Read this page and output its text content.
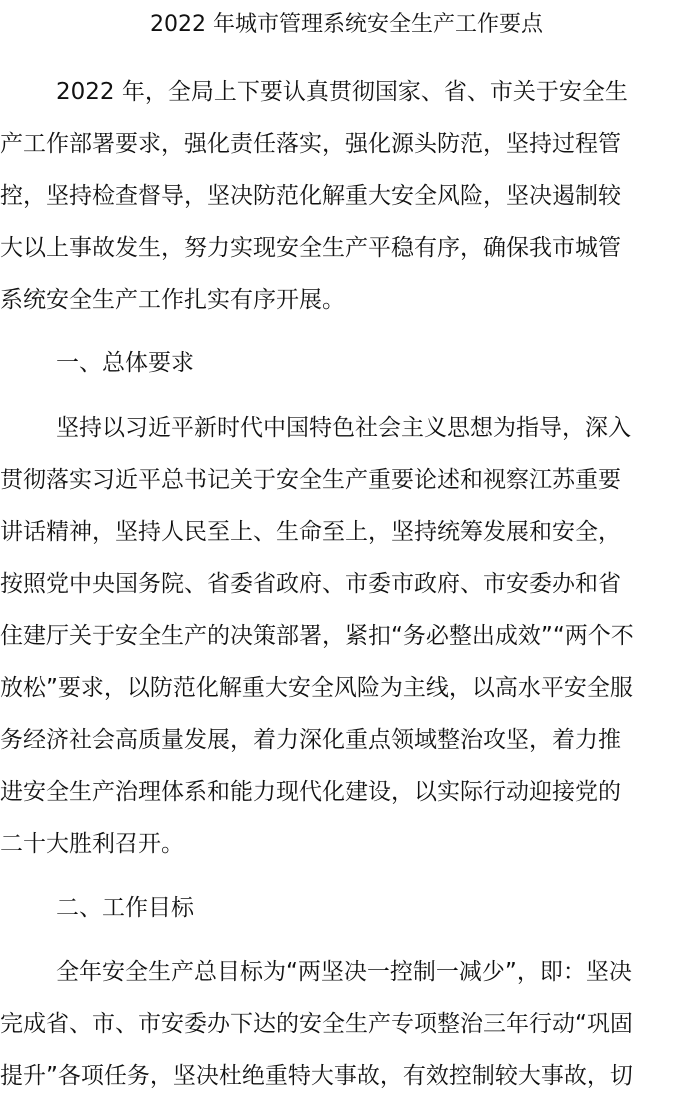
2022 年城市管理系统安全生产工作要点
2022 年，全局上下要认真贯彻国家、省、市关于安全生
产工作部署要求，强化责任落实，强化源头防范，坚持过程管
控，坚持检查督导，坚决防范化解重大安全风险，坚决遏制较
大以上事故发生，努力实现安全生产平稳有序，确保我市城管
系统安全生产工作扎实有序开展。
一、总体要求
坚持以习近平新时代中国特色社会主义思想为指导，深入
贯彻落实习近平总书记关于安全生产重要论述和视察江苏重要
讲话精神，坚持人民至上、生命至上，坚持统筹发展和安全，
按照党中央国务院、省委省政府、市委市政府、市安委办和省
住建厅关于安全生产的决策部署，紧扣“务必整出成效”“两个不
放松”要求，以防范化解重大安全风险为主线，以高水平安全服
务经济社会高质量发展，着力深化重点领域整治攻坚，着力推
进安全生产治理体系和能力现代化建设，以实际行动迎接党的
二十大胜利召开。
二、工作目标
全年安全生产总目标为“两坚决一控制一减少”，即：坚决
完成省、市、市安委办下达的安全生产专项整治三年行动“巩固
提升”各项任务，坚决杜绝重特大事故，有效控制较大事故，切
